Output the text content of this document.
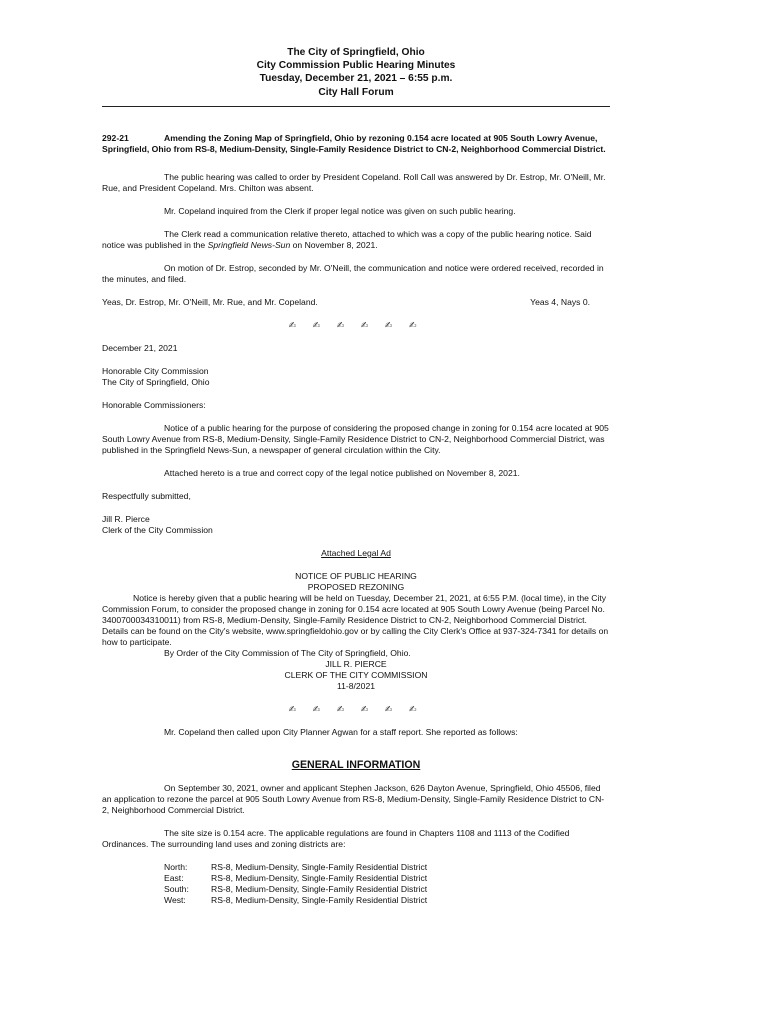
The City of Springfield, Ohio
City Commission Public Hearing Minutes
Tuesday, December 21, 2021 – 6:55 p.m.
City Hall Forum
292-21	Amending the Zoning Map of Springfield, Ohio by rezoning 0.154 acre located at 905 South Lowry Avenue, Springfield, Ohio from RS-8, Medium-Density, Single-Family Residence District to CN-2, Neighborhood Commercial District.

The public hearing was called to order by President Copeland. Roll Call was answered by Dr. Estrop, Mr. O'Neill, Mr. Rue, and President Copeland. Mrs. Chilton was absent.

Mr. Copeland inquired from the Clerk if proper legal notice was given on such public hearing.

The Clerk read a communication relative thereto, attached to which was a copy of the public hearing notice. Said notice was published in the Springfield News-Sun on November 8, 2021.

On motion of Dr. Estrop, seconded by Mr. O'Neill, the communication and notice were ordered received, recorded in the minutes, and filed.

Yeas, Dr. Estrop, Mr. O'Neill, Mr. Rue, and Mr. Copeland.	Yeas 4, Nays 0.
✍ ✍ ✍ ✍ ✍ ✍

December 21, 2021

Honorable City Commission
The City of Springfield, Ohio

Honorable Commissioners:

Notice of a public hearing for the purpose of considering the proposed change in zoning for 0.154 acre located at 905 South Lowry Avenue from RS-8, Medium-Density, Single-Family Residence District to CN-2, Neighborhood Commercial District, was published in the Springfield News-Sun, a newspaper of general circulation within the City.

Attached hereto is a true and correct copy of the legal notice published on November 8, 2021.

Respectfully submitted,

Jill R. Pierce
Clerk of the City Commission
Attached Legal Ad
NOTICE OF PUBLIC HEARING
PROPOSED REZONING

Notice is hereby given that a public hearing will be held on Tuesday, December 21, 2021, at 6:55 P.M. (local time), in the City Commission Forum, to consider the proposed change in zoning for 0.154 acre located at 905 South Lowry Avenue (being Parcel No. 3400700034310011) from RS-8, Medium-Density, Single-Family Residence District to CN-2, Neighborhood Commercial District. Details can be found on the City's website, www.springfieldohio.gov or by calling the City Clerk's Office at 937-324-7341 for details on how to participate.

By Order of the City Commission of The City of Springfield, Ohio.

JILL R. PIERCE
CLERK OF THE CITY COMMISSION
11-8/2021
✍ ✍ ✍ ✍ ✍ ✍

Mr. Copeland then called upon City Planner Agwan for a staff report. She reported as follows:

GENERAL INFORMATION

On September 30, 2021, owner and applicant Stephen Jackson, 626 Dayton Avenue, Springfield, Ohio 45506, filed an application to rezone the parcel at 905 South Lowry Avenue from RS-8, Medium-Density, Single-Family Residence District to CN-2, Neighborhood Commercial District.

The site size is 0.154 acre. The applicable regulations are found in Chapters 1108 and 1113 of the Codified Ordinances. The surrounding land uses and zoning districts are:

North:	RS-8, Medium-Density, Single-Family Residential District
East:	RS-8, Medium-Density, Single-Family Residential District
South:	RS-8, Medium-Density, Single-Family Residential District
West:	RS-8, Medium-Density, Single-Family Residential District
